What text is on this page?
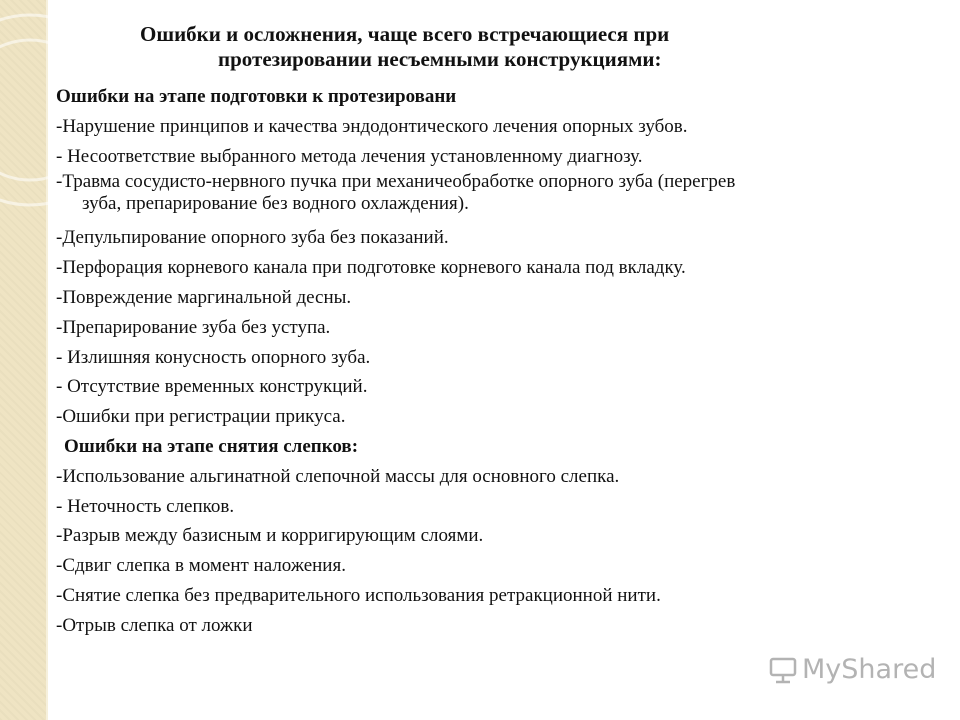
Ошибки и осложнения, чаще всего встречающиеся при
протезировании несъемными конструкциями:
Ошибки на этапе подготовки к протезировани
-Нарушение принципов и качества эндодонтического лечения опорных зубов.
- Несоответствие выбранного метода лечения установленному диагнозу.
-Травма сосудисто-нервного пучка при механичеобработке опорного зуба (перегрев
зуба, препарирование без водного охлаждения).
-Депульпирование опорного зуба без показаний.
-Перфорация корневого канала при подготовке корневого канала под вкладку.
-Повреждение маргинальной десны.
-Препарирование зуба без уступа.
- Излишняя конусность опорного зуба.
- Отсутствие временных конструкций.
-Ошибки при регистрации прикуса.
Ошибки на этапе снятия слепков:
-Использование альгинатной слепочной массы для основного слепка.
- Неточность слепков.
-Разрыв между базисным и корригирующим слоями.
-Сдвиг слепка в момент наложения.
-Снятие слепка без предварительного использования ретракционной нити.
-Отрыв слепка от ложки
MyShared
